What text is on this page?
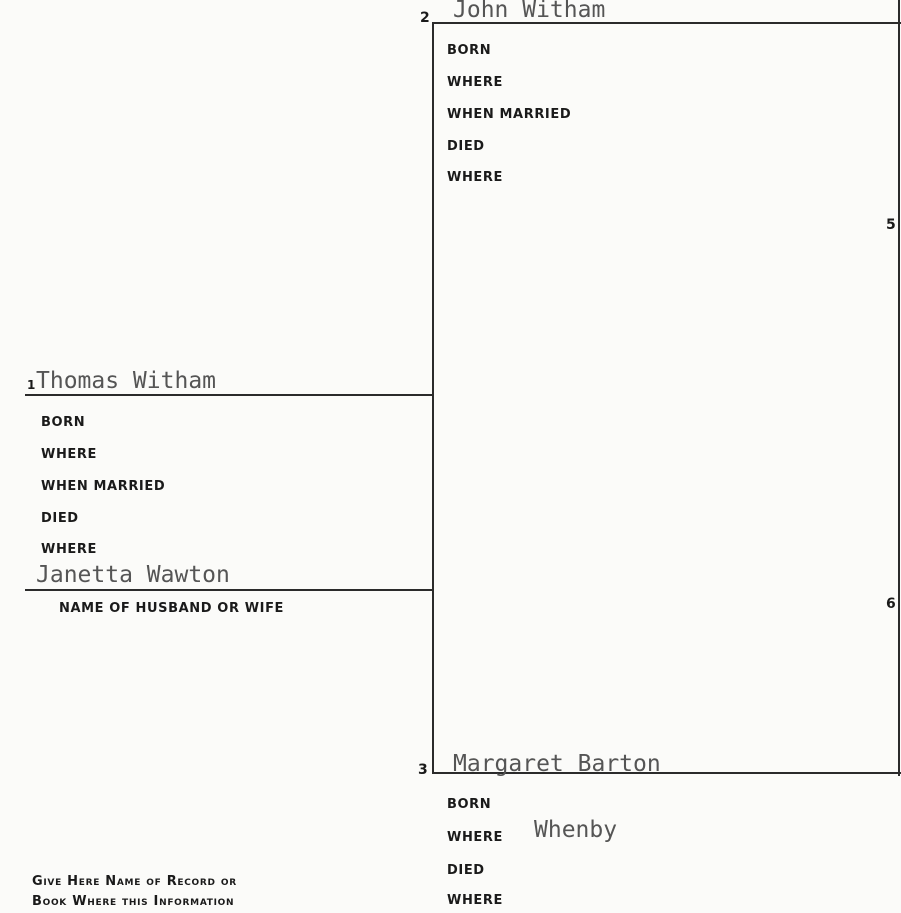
2 John Witham
BORN
WHERE
WHEN MARRIED
DIED
WHERE
5
6
1 Thomas Witham
BORN
WHERE
WHEN MARRIED
DIED
WHERE
Janetta Wawton
NAME OF HUSBAND OR WIFE
3 Margaret Barton
BORN
WHERE Whenby
DIED
WHERE
Give Here Name of Record or
Book Where this Information
